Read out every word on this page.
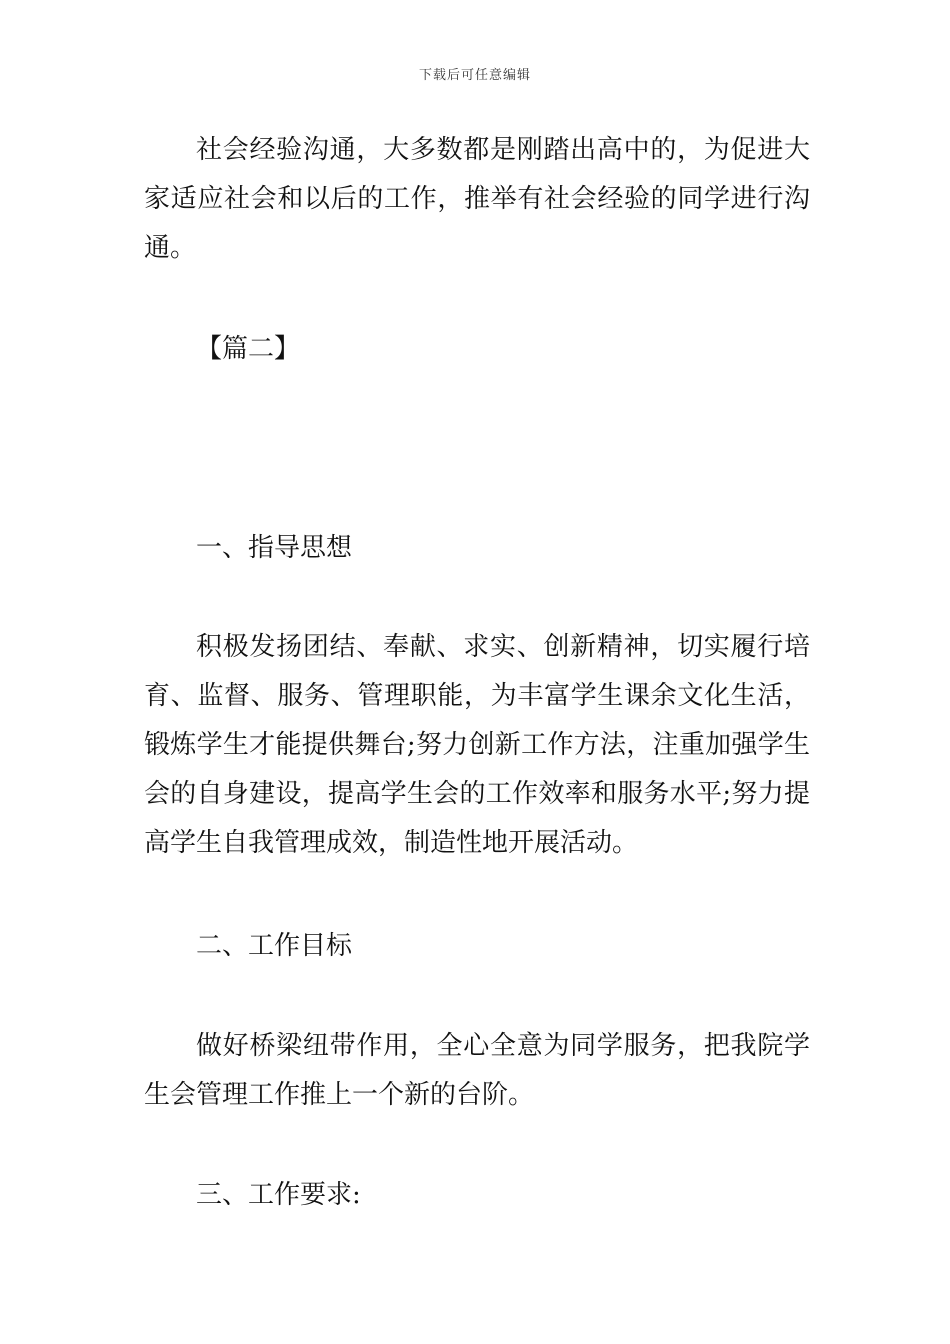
下载后可任意编辑

社会经验沟通，大多数都是刚踏出高中的，为促进大家适应社会和以后的工作，推举有社会经验的同学进行沟通。

【篇二】

一、指导思想

积极发扬团结、奉献、求实、创新精神，切实履行培育、监督、服务、管理职能，为丰富学生课余文化生活，锻炼学生才能提供舞台;努力创新工作方法，注重加强学生会的自身建设，提高学生会的工作效率和服务水平;努力提高学生自我管理成效，制造性地开展活动。

二、工作目标

做好桥梁纽带作用，全心全意为同学服务，把我院学生会管理工作推上一个新的台阶。

三、工作要求:
